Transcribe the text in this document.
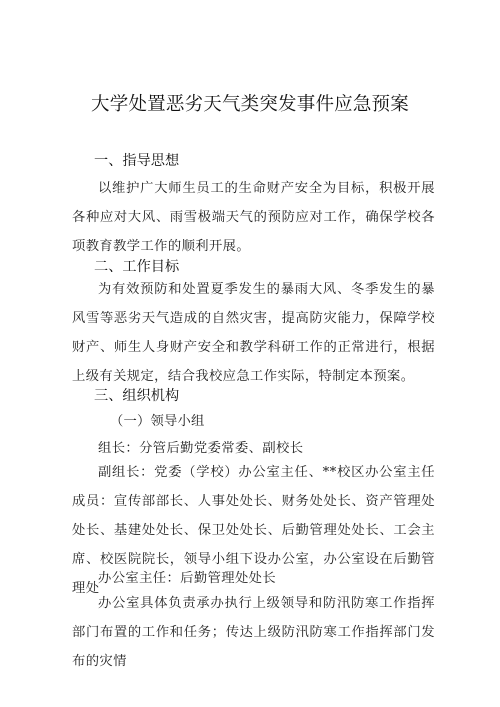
大学处置恶劣天气类突发事件应急预案
一、指导思想
以维护广大师生员工的生命财产安全为目标，积极开展各种应对大风、雨雪极端天气的预防应对工作，确保学校各项教育教学工作的顺利开展。
二、工作目标
为有效预防和处置夏季发生的暴雨大风、冬季发生的暴风雪等恶劣天气造成的自然灾害，提高防灾能力，保障学校财产、师生人身财产安全和教学科研工作的正常进行，根据上级有关规定，结合我校应急工作实际，特制定本预案。
三、组织机构
（一）领导小组
组长：分管后勤党委常委、副校长
副组长：党委（学校）办公室主任、**校区办公室主任成员：宣传部部长、人事处处长、财务处处长、资产管理处处长、基建处处长、保卫处处长、后勤管理处处长、工会主席、校医院院长，领导小组下设办公室，办公室设在后勤管理处
办公室主任：后勤管理处处长
办公室具体负责承办执行上级领导和防汛防寒工作指挥部门布置的工作和任务；传达上级防汛防寒工作指挥部门发布的灾情
